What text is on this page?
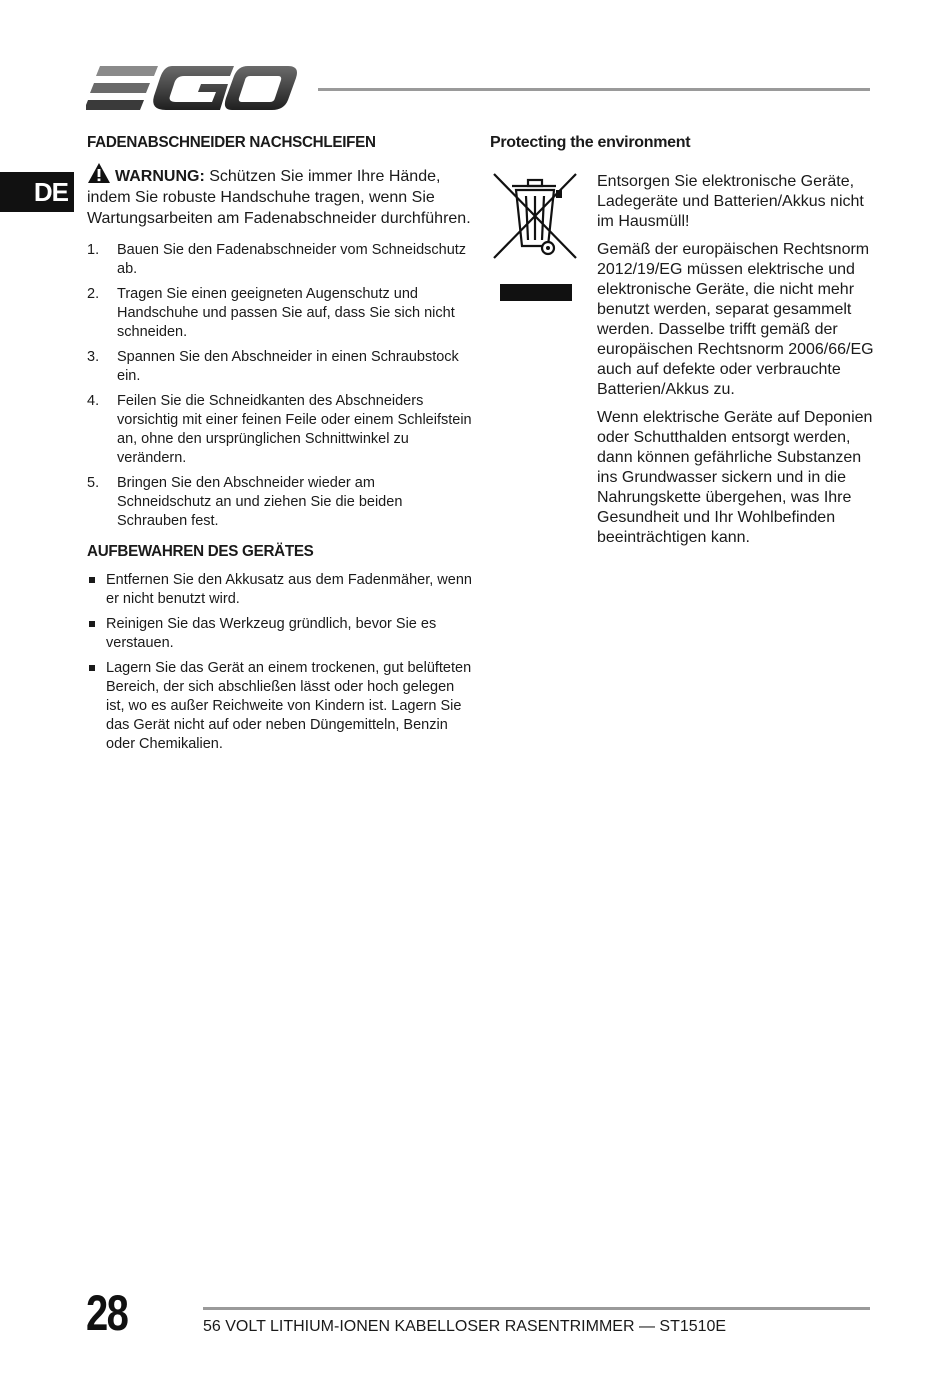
DE
FADENABSCHNEIDER NACHSCHLEIFEN

WARNUNG: Schützen Sie immer Ihre Hände, indem Sie robuste Handschuhe tragen, wenn Sie Wartungsarbeiten am Fadenabschneider durchführen.

1. Bauen Sie den Fadenabschneider vom Schneidschutz ab.
2. Tragen Sie einen geeigneten Augenschutz und Handschuhe und passen Sie auf, dass Sie sich nicht schneiden.
3. Spannen Sie den Abschneider in einen Schraubstock ein.
4. Feilen Sie die Schneidkanten des Abschneiders vorsichtig mit einer feinen Feile oder einem Schleifstein an, ohne den ursprünglichen Schnittwinkel zu verändern.
5. Bringen Sie den Abschneider wieder am Schneidschutz an und ziehen Sie die beiden Schrauben fest.
AUFBEWAHREN DES GERÄTES
Entfernen Sie den Akkusatz aus dem Fadenmäher, wenn er nicht benutzt wird.
Reinigen Sie das Werkzeug gründlich, bevor Sie es verstauen.
Lagern Sie das Gerät an einem trockenen, gut belüfteten Bereich, der sich abschließen lässt oder hoch gelegen ist, wo es außer Reichweite von Kindern ist. Lagern Sie das Gerät nicht auf oder neben Düngemitteln, Benzin oder Chemikalien.
Protecting the environment

Entsorgen Sie elektronische Geräte, Ladegeräte und Batterien/Akkus nicht im Hausmüll!

Gemäß der europäischen Rechtsnorm 2012/19/EG müssen elektrische und elektronische Geräte, die nicht mehr benutzt werden, separat gesammelt werden. Dasselbe trifft gemäß der europäischen Rechtsnorm 2006/66/EG auch auf defekte oder verbrauchte Batterien/Akkus zu.

Wenn elektrische Geräte auf Deponien oder Schutthalden entsorgt werden, dann können gefährliche Substanzen ins Grundwasser sickern und in die Nahrungskette übergehen, was Ihre Gesundheit und Ihr Wohlbefinden beeinträchtigen kann.

28	56 VOLT LITHIUM-IONEN KABELLOSER RASENTRIMMER — ST1510E
